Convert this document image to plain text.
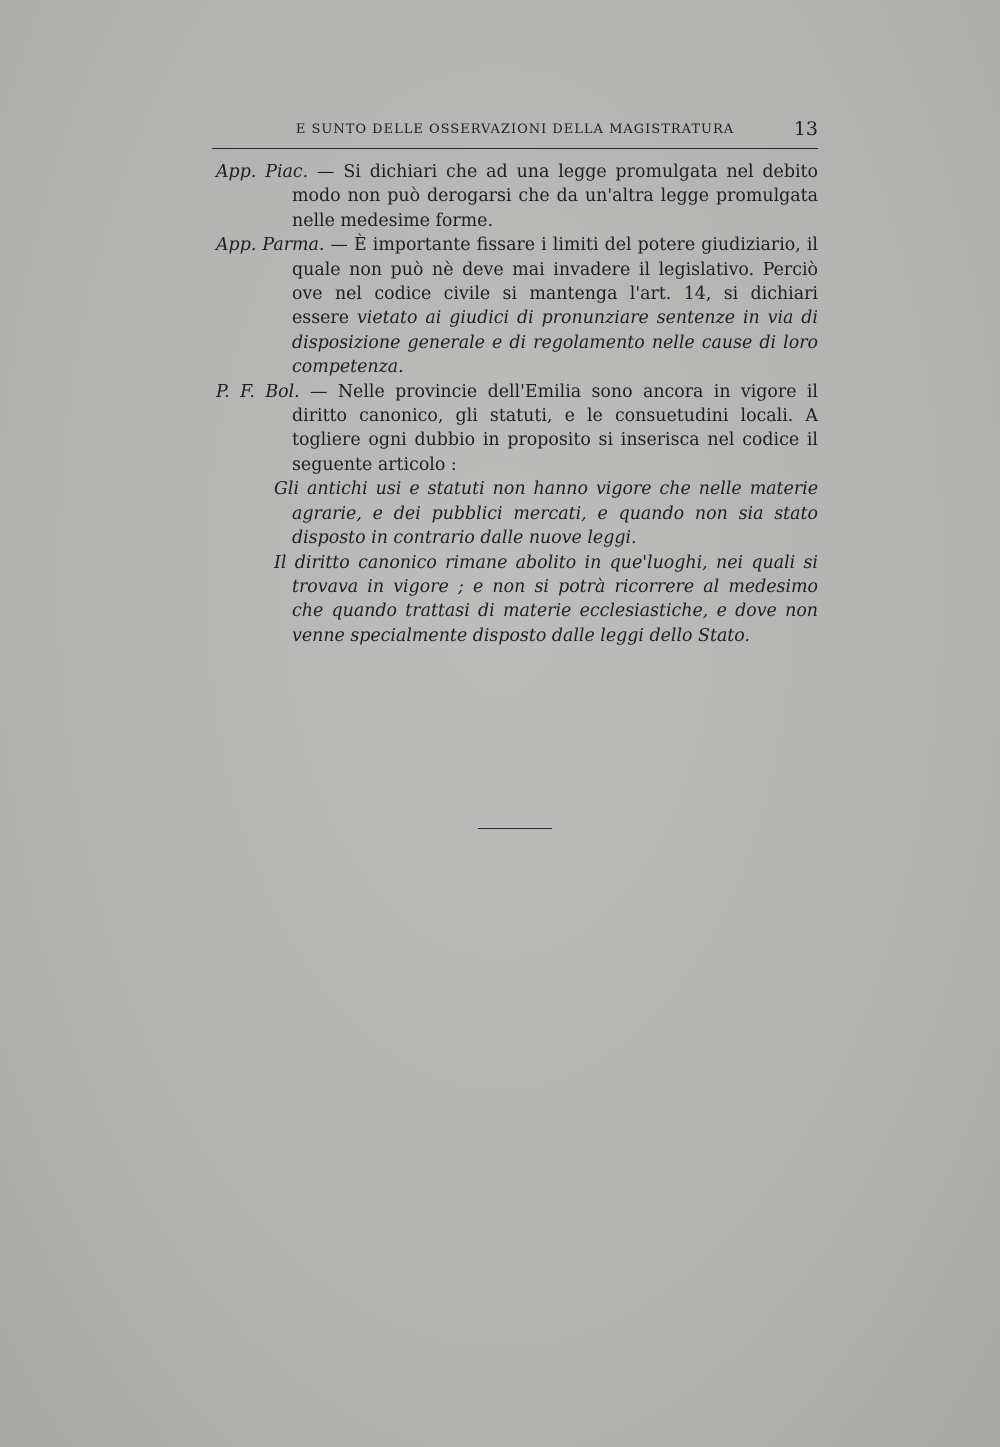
E SUNTO DELLE OSSERVAZIONI DELLA MAGISTRATURA	13

App. Piac. — Si dichiari che ad una legge promulgata nel debito modo non può derogarsi che da un'altra legge promulgata nelle medesime forme.

App. Parma. — È importante fissare i limiti del potere giudiziario, il quale non può nè deve mai invadere il legislativo. Perciò ove nel codice civile si mantenga l'art. 14, si dichiari essere vietato ai giudici di pronunziare sentenze in via di disposizione generale e di regolamento nelle cause di loro competenza.

P. F. Bol. — Nelle provincie dell'Emilia sono ancora in vigore il diritto canonico, gli statuti, e le consuetudini locali. A togliere ogni dubbio in proposito si inserisca nel codice il seguente articolo :

Gli antichi usi e statuti non hanno vigore che nelle materie agrarie, e dei pubblici mercati, e quando non sia stato disposto in contrario dalle nuove leggi.

Il diritto canonico rimane abolito in que'luoghi, nei quali si trovava in vigore ; e non si potrà ricorrere al medesimo che quando trattasi di materie ecclesiastiche, e dove non venne specialmente disposto dalle leggi dello Stato.
